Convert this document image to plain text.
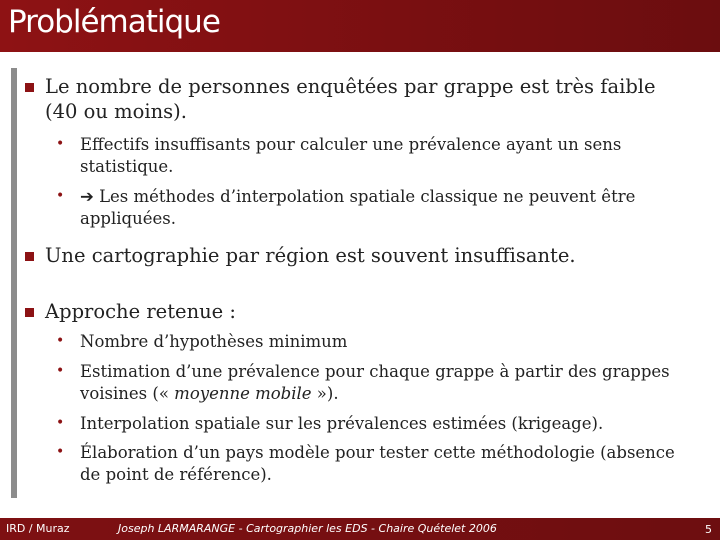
Problématique
Le nombre de personnes enquêtées par grappe est très faible
(40 ou moins).
• Effectifs insuffisants pour calculer une prévalence ayant un sens
statistique.
• ➔ Les méthodes d’interpolation spatiale classique ne peuvent être
appliquées.
Une cartographie par région est souvent insuffisante.
Approche retenue :
• Nombre d’hypothèses minimum
• Estimation d’une prévalence pour chaque grappe à partir des grappes
voisines (« moyenne mobile »).
• Interpolation spatiale sur les prévalences estimées (krigeage).
• Élaboration d’un pays modèle pour tester cette méthodologie (absence
de point de référence).
IRD / Muraz	Joseph LARMARANGE - Cartographier les EDS - Chaire Quételet 2006	5
